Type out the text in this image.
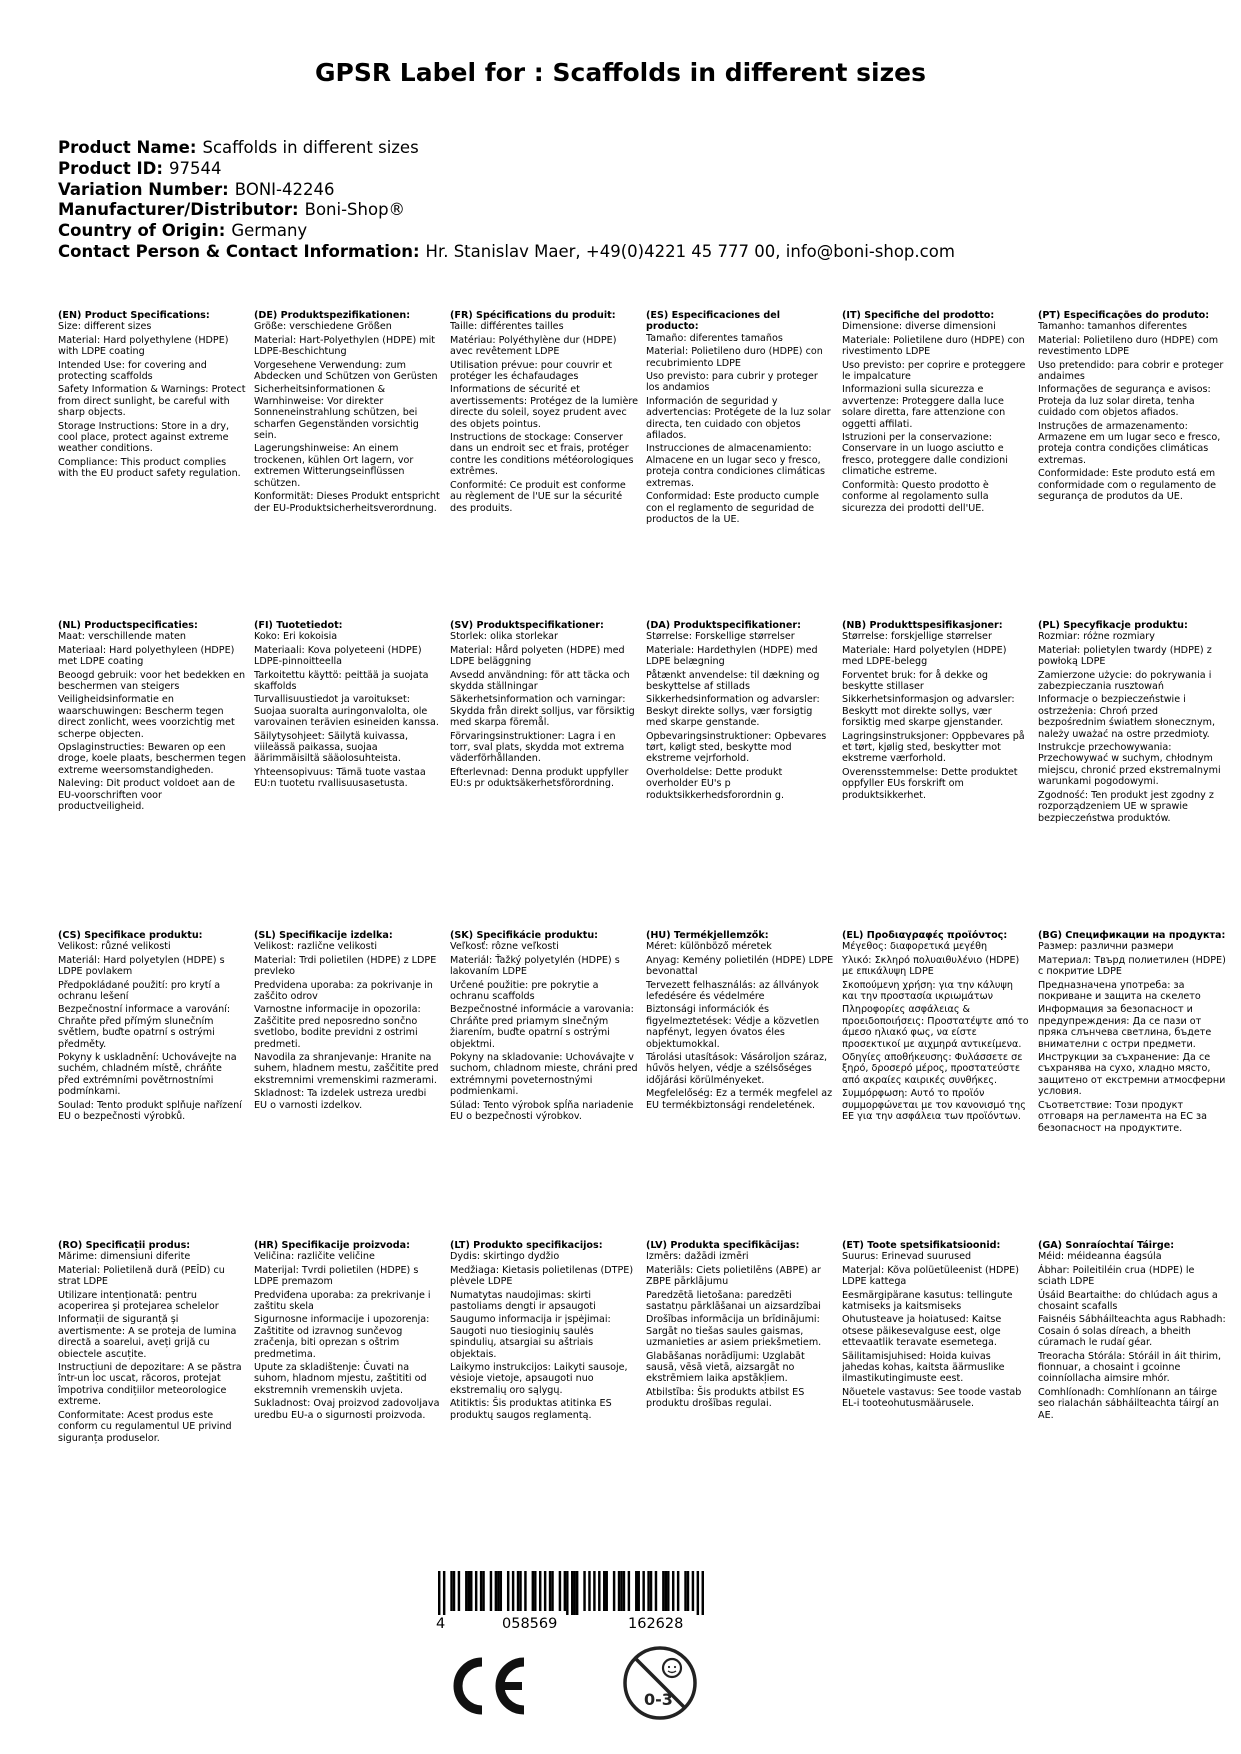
GPSR Label for : Scaffolds in different sizes
Product Name: Scaffolds in different sizes
Product ID: 97544
Variation Number: BONI-42246
Manufacturer/Distributor: Boni-Shop®
Country of Origin: Germany
Contact Person & Contact Information: Hr. Stanislav Maer, +49(0)4221 45 777 00, info@boni-shop.com
(EN) Product Specifications:
Size: different sizes
Material: Hard polyethylene (HDPE) with LDPE coating
Intended Use: for covering and protecting scaffolds
Safety Information & Warnings: Protect from direct sunlight, be careful with sharp objects.
Storage Instructions: Store in a dry, cool place, protect against extreme weather conditions.
Compliance: This product complies with the EU product safety regulation.
(DE) Produktspezifikationen:
Größe: verschiedene Größen
Material: Hart-Polyethylen (HDPE) mit LDPE-Beschichtung
Vorgesehene Verwendung: zum Abdecken und Schützen von Gerüsten
Sicherheitsinformationen & Warnhinweise: Vor direkter Sonneneinstrahlung schützen, bei scharfen Gegenständen vorsichtig sein.
Lagerungshinweise: An einem trockenen, kühlen Ort lagern, vor extremen Witterungseinflüssen schützen.
Konformität: Dieses Produkt entspricht der EU-Produktsicherheitsverordnung.
(FR) Spécifications du produit:
Taille: différentes tailles
Matériau: Polyéthylène dur (HDPE) avec revêtement LDPE
Utilisation prévue: pour couvrir et protéger les échafaudages
Informations de sécurité et avertissements: Protégez de la lumière directe du soleil, soyez prudent avec des objets pointus.
Instructions de stockage: Conserver dans un endroit sec et frais, protéger contre les conditions météorologiques extrêmes.
Conformité: Ce produit est conforme au règlement de l'UE sur la sécurité des produits.
(ES) Especificaciones del producto:
Tamaño: diferentes tamaños
Material: Polietileno duro (HDPE) con recubrimiento LDPE
Uso previsto: para cubrir y proteger los andamios
Información de seguridad y advertencias: Protégete de la luz solar directa, ten cuidado con objetos afilados.
Instrucciones de almacenamiento: Almacene en un lugar seco y fresco, proteja contra condiciones climáticas extremas.
Conformidad: Este producto cumple con el reglamento de seguridad de productos de la UE.
(IT) Specifiche del prodotto:
Dimensione: diverse dimensioni
Materiale: Polietilene duro (HDPE) con rivestimento LDPE
Uso previsto: per coprire e proteggere le impalcature
Informazioni sulla sicurezza e avvertenze: Proteggere dalla luce solare diretta, fare attenzione con oggetti affilati.
Istruzioni per la conservazione: Conservare in un luogo asciutto e fresco, proteggere dalle condizioni climatiche estreme.
Conformità: Questo prodotto è conforme al regolamento sulla sicurezza dei prodotti dell'UE.
(PT) Especificações do produto:
Tamanho: tamanhos diferentes
Material: Polietileno duro (HDPE) com revestimento LDPE
Uso pretendido: para cobrir e proteger andaimes
Informações de segurança e avisos: Proteja da luz solar direta, tenha cuidado com objetos afiados.
Instruções de armazenamento: Armazene em um lugar seco e fresco, proteja contra condições climáticas extremas.
Conformidade: Este produto está em conformidade com o regulamento de segurança de produtos da UE.
(NL) Productspecificaties:
Maat: verschillende maten
Materiaal: Hard polyethyleen (HDPE) met LDPE coating
Beoogd gebruik: voor het bedekken en beschermen van steigers
Veiligheidsinformatie en waarschuwingen: Bescherm tegen direct zonlicht, wees voorzichtig met scherpe objecten.
Opslaginstructies: Bewaren op een droge, koele plaats, beschermen tegen extreme weersomstandigheden.
Naleving: Dit product voldoet aan de EU-voorschriften voor productveiligheid.
(FI) Tuotetiedot:
Koko: Eri kokoisia
Materiaali: Kova polyeteeni (HDPE) LDPE-pinnoitteella
Tarkoitettu käyttö: peittää ja suojata skaffolds
Turvallisuustiedot ja varoitukset: Suojaa suoralta auringonvalolta, ole varovainen terävien esineiden kanssa.
Säilytysohjeet: Säilytä kuivassa, viileässä paikassa, suojaa äärimmäisiltä sääolosuhteista.
Yhteensopivuus: Tämä tuote vastaa EU:n tuotetu rvallisuusasetusta.
(SV) Produktspecifikationer:
Storlek: olika storlekar
Material: Hård polyeten (HDPE) med LDPE beläggning
Avsedd användning: för att täcka och skydda ställningar
Säkerhetsinformation och varningar: Skydda från direkt solljus, var försiktig med skarpa föremål.
Förvaringsinstruktioner: Lagra i en torr, sval plats, skydda mot extrema väderförhållanden.
Efterlevnad: Denna produkt uppfyller EU:s pr oduktsäkerhetsförordning.
(DA) Produktspecifikationer:
Størrelse: Forskellige størrelser
Materiale: Hardethylen (HDPE) med LDPE belægning
Påtænkt anvendelse: til dækning og beskyttelse af stillads
Sikkerhedsinformation og advarsler: Beskyt direkte sollys, vær forsigtig med skarpe genstande.
Opbevaringsinstruktioner: Opbevares tørt, køligt sted, beskytte mod ekstreme vejrforhold.
Overholdelse: Dette produkt overholder EU's p roduktsikkerhedsforordnin g.
(NB) Produkttspesifikasjoner:
Størrelse: forskjellige størrelser
Materiale: Hard polyetylen (HDPE) med LDPE-belegg
Forventet bruk: for å dekke og beskytte stillaser
Sikkerhetsinformasjon og advarsler: Beskytt mot direkte sollys, vær forsiktig med skarpe gjenstander.
Lagringsinstruksjoner: Oppbevares på et tørt, kjølig sted, beskytter mot ekstreme værforhold.
Overensstemmelse: Dette produktet oppfyller EUs forskrift om produktsikkerhet.
(PL) Specyfikacje produktu:
Rozmiar: różne rozmiary
Materiał: polietylen twardy (HDPE) z powłoką LDPE
Zamierzone użycie: do pokrywania i zabezpieczania rusztowań
Informacje o bezpieczeństwie i ostrzeżenia: Chroń przed bezpośrednim światłem słonecznym, należy uważać na ostre przedmioty.
Instrukcje przechowywania: Przechowywać w suchym, chłodnym miejscu, chronić przed ekstremalnymi warunkami pogodowymi.
Zgodność: Ten produkt jest zgodny z rozporządzeniem UE w sprawie bezpieczeństwa produktów.
(CS) Specifikace produktu:
Velikost: různé velikosti
Materiál: Hard polyetylen (HDPE) s LDPE povlakem
Předpokládané použití: pro krytí a ochranu lešení
Bezpečnostní informace a varování: Chraňte před přímým slunečním světlem, buďte opatrní s ostrými předměty.
Pokyny k uskladnění: Uchovávejte na suchém, chladném místě, chráňte před extrémními povětrnostními podmínkami.
Soulad: Tento produkt splňuje nařízení EU o bezpečnosti výrobků.
(SL) Specifikacije izdelka:
Velikost: različne velikosti
Material: Trdi polietilen (HDPE) z LDPE prevleko
Predvidena uporaba: za pokrivanje in zaščito odrov
Varnostne informacije in opozorila: Zaščitite pred neposredno sončno svetlobo, bodite previdni z ostrimi predmeti.
Navodila za shranjevanje: Hranite na suhem, hladnem mestu, zaščitite pred ekstremnimi vremenskimi razmerami.
Skladnost: Ta izdelek ustreza uredbi EU o varnosti izdelkov.
(SK) Špecifikácie produktu:
Veľkosť: rôzne veľkosti
Materiál: Ťažký polyetylén (HDPE) s lakovaním LDPE
Určené použitie: pre pokrytie a ochranu scaffolds
Bezpečnostné informácie a varovania: Chráňte pred priamym slnečným žiarením, buďte opatrní s ostrými objektmi.
Pokyny na skladovanie: Uchovávajte v suchom, chladnom mieste, chráni pred extrémnymi poveternostnými podmienkami.
Súlad: Tento výrobok spĺňa nariadenie EU o bezpečnosti výrobkov.
(HU) Termékjellemzők:
Méret: különböző méretek
Anyag: Kemény polietilén (HDPE) LDPE bevonattal
Tervezett felhasználás: az állványok lefedésére és védelmére
Biztonsági információk és figyelmeztetések: Védje a közvetlen napfényt, legyen óvatos éles objektumokkal.
Tárolási utasítások: Vásároljon száraz, hűvös helyen, védje a szélsőséges időjárási körülményeket.
Megfelelőség: Ez a termék megfelel az EU termékbiztonsági rendeletének.
(EL) Προδιαγραφές προϊόντος:
Μέγεθος: διαφορετικά μεγέθη
Υλικό: Σκληρό πολυαιθυλένιο (HDPE) με επικάλυψη LDPE
Σκοπούμενη χρήση: για την κάλυψη και την προστασία ικριωμάτων
Πληροφορίες ασφάλειας & προειδοποιήσεις: Προστατέψτε από το άμεσο ηλιακό φως, να είστε προσεκτικοί με αιχμηρά αντικείμενα.
Οδηγίες αποθήκευσης: Φυλάσσετε σε ξηρό, δροσερό μέρος, προστατεύστε από ακραίες καιρικές συνθήκες.
Συμμόρφωση: Αυτό το προϊόν συμμορφώνεται με τον κανονισμό της ΕΕ για την ασφάλεια των προϊόντων.
(BG) Спецификации на продукта:
Размер: различни размери
Материал: Твърд полиетилен (HDPE) с покритие LDPE
Предназначена употреба: за покриване и защита на скелето
Информация за безопасност и предупреждения: Да се пази от пряка слънчева светлина, бъдете внимателни с остри предмети.
Инструкции за съхранение: Да се съхранява на сухо, хладно място, защитено от екстремни атмосферни условия.
Съответствие: Този продукт отговаря на регламента на ЕС за безопасност на продуктите.
(RO) Specificații produs:
Mărime: dimensiuni diferite
Material: Polietilenă dură (PEÎD) cu strat LDPE
Utilizare intenționată: pentru acoperirea și protejarea schelelor
Informații de siguranță și avertismente: A se proteja de lumina directă a soarelui, aveți grijă cu obiectele ascuțite.
Instrucțiuni de depozitare: A se păstra într-un loc uscat, răcoros, protejat împotriva condițiilor meteorologice extreme.
Conformitate: Acest produs este conform cu regulamentul UE privind siguranța produselor.
(HR) Specifikacije proizvoda:
Veličina: različite veličine
Materijal: Tvrdi polietilen (HDPE) s LDPE premazom
Predviđena uporaba: za prekrivanje i zaštitu skela
Sigurnosne informacije i upozorenja: Zaštitite od izravnog sunčevog zračenja, biti oprezan s oštrim predmetima.
Upute za skladištenje: Čuvati na suhom, hladnom mjestu, zaštititi od ekstremnih vremenskih uvjeta.
Sukladnost: Ovaj proizvod zadovoljava uredbu EU-a o sigurnosti proizvoda.
(LT) Produkto specifikacijos:
Dydis: skirtingo dydžio
Medžiaga: Kietasis polietilenas (DTPE) plėvele LDPE
Numatytas naudojimas: skirti pastoliams dengti ir apsaugoti
Saugumo informacija ir įspėjimai: Saugoti nuo tiesioginių saulės spindulių, atsargiai su aštriais objektais.
Laikymo instrukcijos: Laikyti sausoje, vėsioje vietoje, apsaugoti nuo ekstremalių oro sąlygų.
Atitiktis: Šis produktas atitinka ES produktų saugos reglamentą.
(LV) Produkta specifikācijas:
Izmērs: dažādi izmēri
Materiāls: Ciets polietilēns (ABPE) ar ZBPE pārklājumu
Paredzētā lietošana: paredzēti sastatņu pārklāšanai un aizsardzībai
Drošības informācija un brīdinājumi: Sargāt no tiešas saules gaismas, uzmanieties ar asiem priekšmetiem.
Glabāšanas norādījumi: Uzglabāt sausā, vēsā vietā, aizsargāt no ekstrēmiem laika apstākļiem.
Atbilstība: Šis produkts atbilst ES produktu drošības regulai.
(ET) Toote spetsifikatsioonid:
Suurus: Erinevad suurused
Materjal: Kõva polüetüleenist (HDPE) LDPE kattega
Eesmärgipärane kasutus: tellingute katmiseks ja kaitsmiseks
Ohutusteave ja hoiatused: Kaitse otsese päikesevalguse eest, olge ettevaatlik teravate esemetega.
Säilitamisjuhised: Hoida kuivas jahedas kohas, kaitsta äärmuslike ilmastikutingimuste eest.
Nõuetele vastavus: See toode vastab EL-i tooteohutusmäärusele.
(GA) Sonraíochtaí Táirge:
Méid: méideanna éagsúla
Ábhar: Poileitiléin crua (HDPE) le sciath LDPE
Úsáid Beartaithe: do chlúdach agus a chosaint scafalls
Faisnéis Sábháilteachta agus Rabhadh: Cosain ó solas díreach, a bheith cúramach le rudaí géar.
Treoracha Stórála: Stóráil in áit thirim, fionnuar, a chosaint i gcoinne coinníollacha aimsire mhór.
Comhlíonadh: Comhlíonann an táirge seo rialachán sábháilteachta táirgí an AE.
4	058569	162628
0-3
